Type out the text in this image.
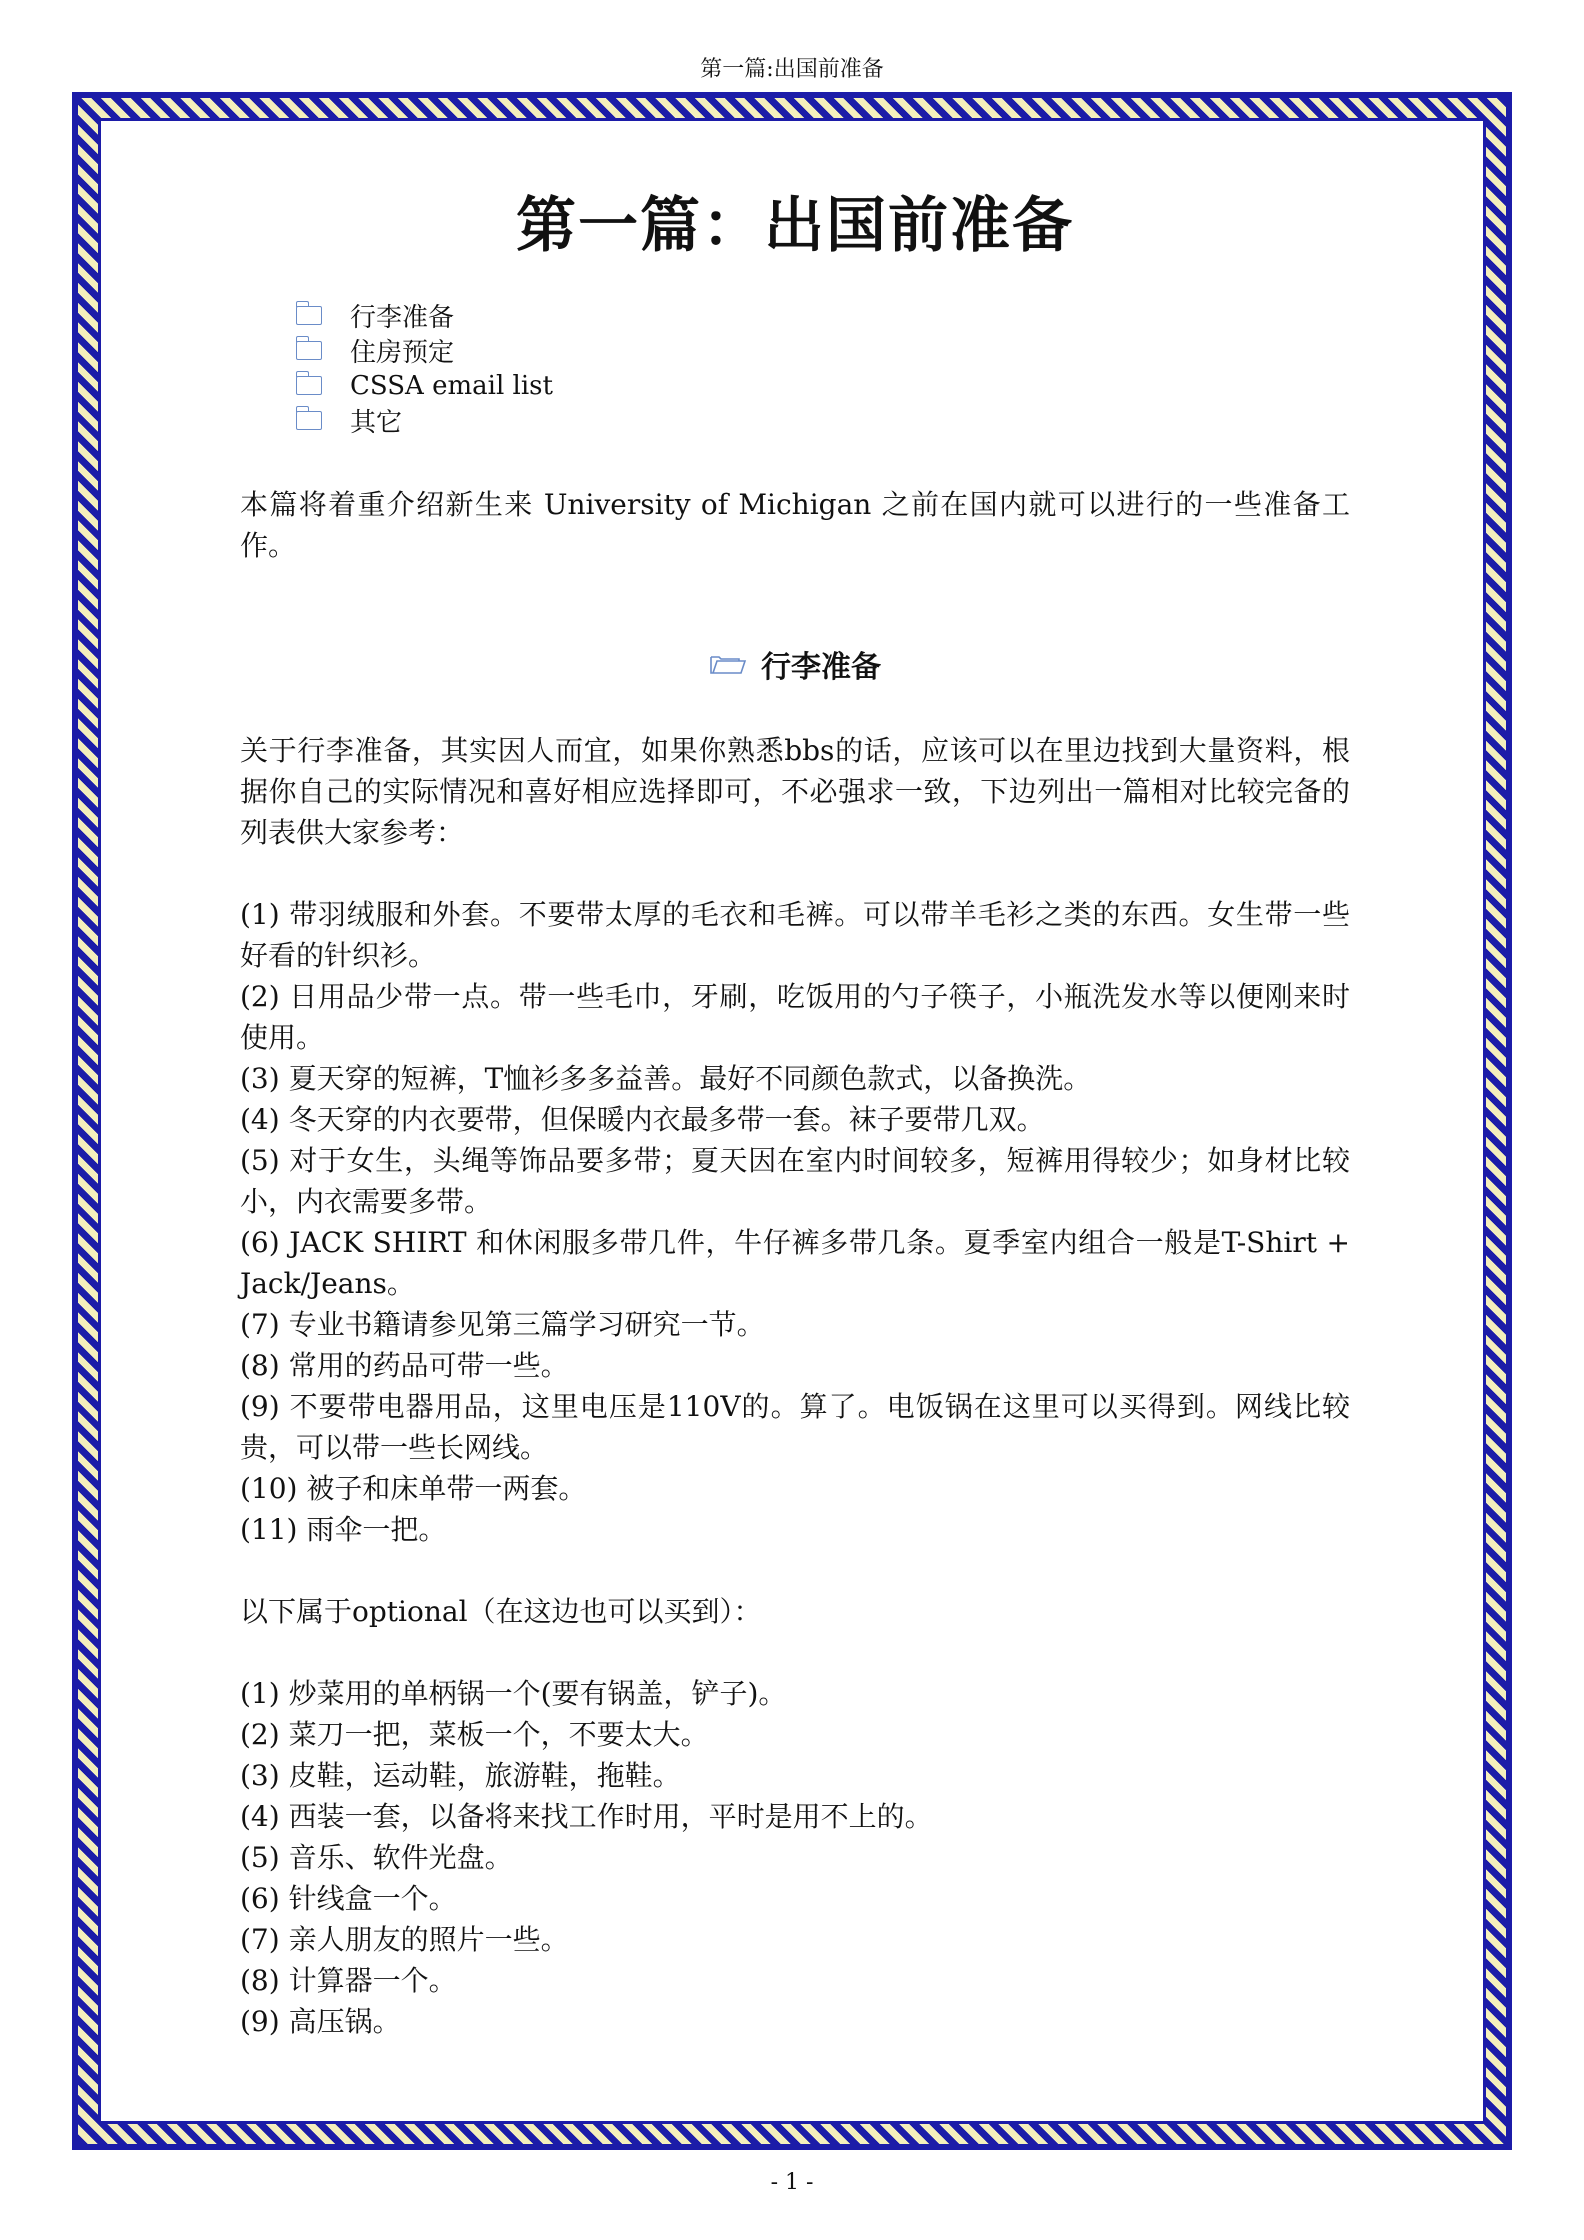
第一篇:出国前准备
第一篇：出国前准备
行李准备
住房预定
CSSA email list
其它

本篇将着重介绍新生来 University of Michigan 之前在国内就可以进行的一些准备工作。

行李准备

关于行李准备，其实因人而宜，如果你熟悉bbs的话，应该可以在里边找到大量资料，根据你自己的实际情况和喜好相应选择即可，不必强求一致，下边列出一篇相对比较完备的列表供大家参考：

(1) 带羽绒服和外套。不要带太厚的毛衣和毛裤。可以带羊毛衫之类的东西。女生带一些好看的针织衫。
(2) 日用品少带一点。带一些毛巾，牙刷，吃饭用的勺子筷子，小瓶洗发水等以便刚来时使用。
(3) 夏天穿的短裤，T恤衫多多益善。最好不同颜色款式，以备换洗。
(4) 冬天穿的内衣要带，但保暖内衣最多带一套。袜子要带几双。
(5) 对于女生，头绳等饰品要多带；夏天因在室内时间较多，短裤用得较少；如身材比较小，内衣需要多带。
(6) JACK SHIRT 和休闲服多带几件，牛仔裤多带几条。夏季室内组合一般是T-Shirt + Jack/Jeans。
(7) 专业书籍请参见第三篇学习研究一节。
(8) 常用的药品可带一些。
(9) 不要带电器用品，这里电压是110V的。算了。电饭锅在这里可以买得到。网线比较贵，可以带一些长网线。
(10) 被子和床单带一两套。
(11) 雨伞一把。

以下属于optional（在这边也可以买到）：

(1) 炒菜用的单柄锅一个(要有锅盖，铲子)。
(2) 菜刀一把，菜板一个，不要太大。
(3) 皮鞋，运动鞋，旅游鞋，拖鞋。
(4) 西装一套，以备将来找工作时用，平时是用不上的。
(5) 音乐、软件光盘。
(6) 针线盒一个。
(7) 亲人朋友的照片一些。
(8) 计算器一个。
(9) 高压锅。
- 1 -
